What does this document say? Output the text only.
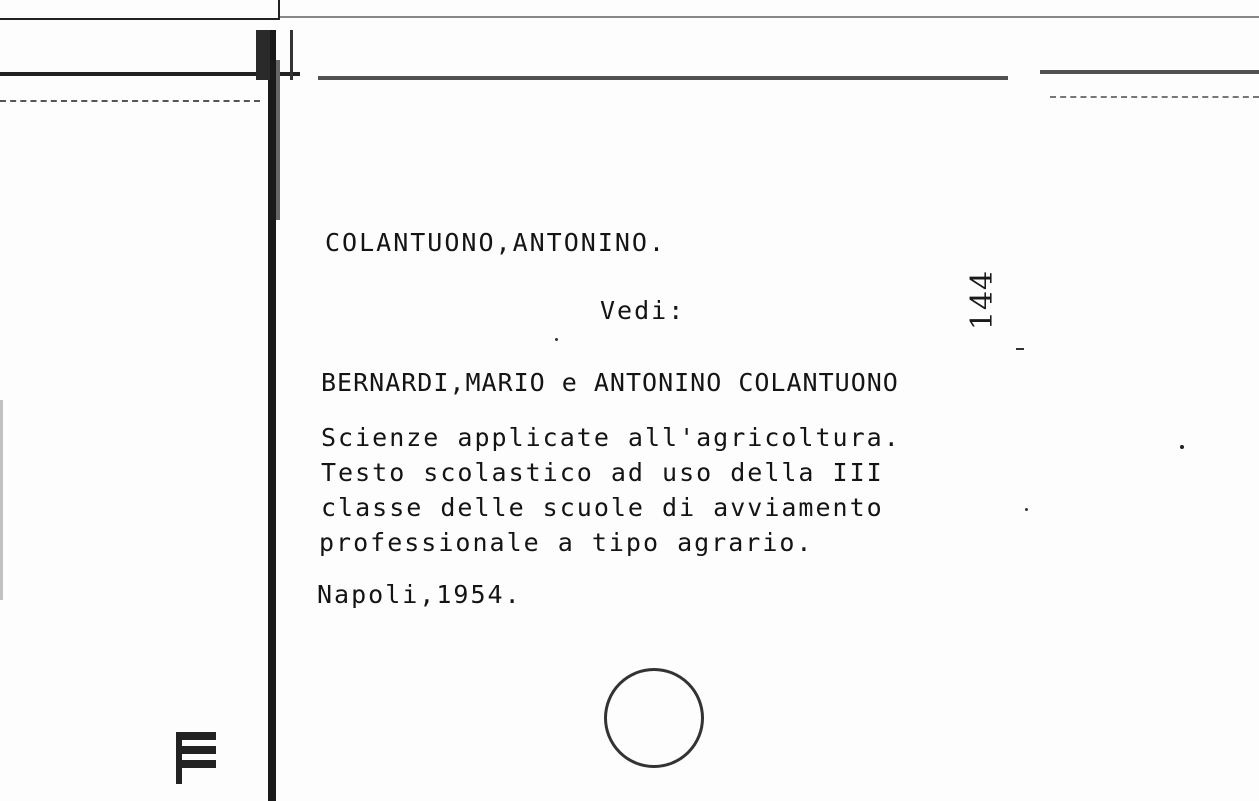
COLANTUONO,ANTONINO.
Vedi:	144
BERNARDI,MARIO e ANTONINO COLANTUONO
Scienze applicate all'agricoltura.
Testo scolastico ad uso della III
classe delle scuole di avviamento
professionale a tipo agrario.
Napoli,1954.
